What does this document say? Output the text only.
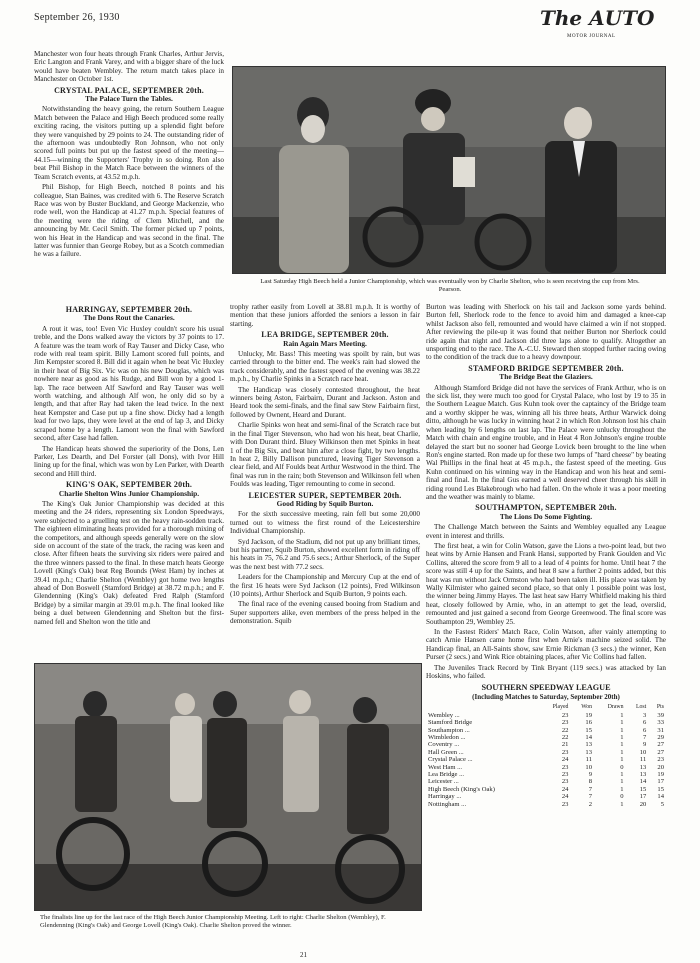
September 26, 1930	The AUTO
MOTOR JOURNAL

Manchester won four heats through Frank Charles, Arthur Jervis, Eric Langton and Frank Varey, and with a bigger share of the luck would have beaten Wembley. The return match takes place in Manchester on October 1st.

CRYSTAL PALACE, SEPTEMBER 20th.
The Palace Turn the Tables.

Notwithstanding the heavy going, the return Southern League Match between the Palace and High Beech produced some really exciting racing, the visitors putting up a splendid fight before they were vanquished by 29 points to 24. The outstanding rider of the afternoon was undoubtedly Ron Johnson, who not only scored full points but put up the fastest speed of the meeting—44.15—winning the Supporters' Trophy in so doing. Ron also beat Phil Bishop in the Match Race between the winners of the Team Scratch events, at 43.52 m.p.h.

Phil Bishop, for High Beech, notched 8 points and his colleague, Stan Baines, was credited with 6. The Reserve Scratch Race was won by Buster Buckland, and George Mackenzie, who rode well, won the Handicap at 41.27 m.p.h. Special features of the meeting were the riding of Clem Mitchell, and the announcing by Mr. Cecil Smith. The former picked up 7 points, won his Heat in the Handicap and was second in the final. The latter was funnier than George Robey, but as a Scotch commedian he was a failure.

Last Saturday High Beech held a Junior Championship, which was eventually won by Charlie Shelton, who is seen receiving the cup from Mrs. Pearson.
HARRINGAY, SEPTEMBER 20th.
The Dons Rout the Canaries.

A rout it was, too! Even Vic Huxley couldn't score his usual treble, and the Dons walked away the victors by 37 points to 17. A feature was the team work of Ray Tauser and Dicky Case, who rode with real team spirit. Billy Lamont scored full points, and Jim Kempster scored 8. Bill did it again when he beat Vic Huxley in their heat of Big Six. Vic was on his new Douglas, which was nowhere near as good as his Rudge, and Bill won by a good 1-lap. The race between Alf Sawford and Ray Tauser was well worth watching, and although Alf won, he only did so by a length, and that after Ray had taken the lead twice. In the next heat Kempster and Case put up a fine show. Dicky had a length lead for two laps, they were level at the end of lap 3, and Dicky scraped home by a length. Lamont won the final with Sawford second, after Case had fallen.

The Handicap heats showed the superiority of the Dons, Len Parker, Les Dearth, and Del Forster (all Dons), with Ivor Hill lining up for the final, which was won by Len Parker, with Dearth second and Hill third.

KING'S OAK, SEPTEMBER 20th.
Charlie Shelton Wins Junior Championship.

The King's Oak Junior Championship was decided at this meeting and the 24 riders, representing six London Speedways, were subjected to a gruelling test on the heavy rain-sodden track. The eighteen eliminating heats provided for a thorough mixing of the competitors, and although speeds generally were on the slow side on account of the state of the track, the racing was keen and close. After fifteen heats the surviving six riders were paired and the three winners passed to the final. In these match heats George Lovell (King's Oak) beat Reg Bounds (West Ham) by inches at 39.41 m.p.h.; Charlie Shelton (Wembley) got home two lengths ahead of Don Boswell (Stamford Bridge) at 38.72 m.p.h.; and F. Glendenning (King's Oak) defeated Fred Ralph (Stamford Bridge) by a similar margin at 39.01 m.p.h. The final looked like being a duel between Glendenning and Shelton but the first-named fell and Shelton won the title and

trophy rather easily from Lovell at 38.81 m.p.h. It is worthy of mention that these juniors afforded the seniors a lesson in fair starting.

LEA BRIDGE, SEPTEMBER 20th.
Rain Again Mars Meeting.

Unlucky, Mr. Bass! This meeting was spoilt by rain, but was carried through to the bitter end. The week's rain had slowed the track considerably, and the fastest speed of the evening was 38.22 m.p.h., by Charlie Spinks in a Scratch race heat.

The Handicap was closely contested throughout, the heat winners being Aston, Fairbairn, Durant and Jackson. Aston and Heard took the semi-finals, and the final saw Stew Fairbairn first, followed by Ownent, Heard and Durant.

Charlie Spinks won heat and semi-final of the Scratch race but in the final Tiger Stevenson, who had won his heat, beat Charlie, with Don Durant third. Bluey Wilkinson then met Spinks in heat 1 of the Big Six, and beat him after a close fight, by two lengths. In heat 2, Billy Dallison punctured, leaving Tiger Stevenson a clear field, and Alf Foulds beat Arthur Westwood in the third. The final was run in the rain; both Stevenson and Wilkinson fell when Foulds was leading, Tiger remounting to come in second.

LEICESTER SUPER, SEPTEMBER 20th.
Good Riding by Squib Burton.

For the sixth successive meeting, rain fell but some 20,000 turned out to witness the first round of the Leicestershire Individual Championship.

Syd Jackson, of the Stadium, did not put up any brilliant times, but his partner, Squib Burton, showed excellent form in riding off his heats in 75, 76.2 and 75.6 secs.; Arthur Sherlock, of the Super was the next best with 77.2 secs.

Leaders for the Championship and Mercury Cup at the end of the first 16 heats were Syd Jackson (12 points), Fred Wilkinson (10 points), Arthur Sherlock and Squib Burton, 9 points each.

The final race of the evening caused booing from Stadium and Super supporters alike, even members of the press helped in the demonstration. Squib

Burton was leading with Sherlock on his tail and Jackson some yards behind. Burton fell, Sherlock rode to the fence to avoid him and damaged a knee-cap whilst Jackson also fell, remounted and would have claimed a win if not stopped. After reviewing the pile-up it was found that neither Burton nor Sherlock could ride again that night and Jackson did three laps alone to qualify. Altogether an unsporting end to the race. The A.-C.U. Steward then stopped further racing owing to the condition of the track due to a heavy downpour.

STAMFORD BRIDGE SEPTEMBER 20th.
The Bridge Beat the Glaziers.

Although Stamford Bridge did not have the services of Frank Arthur, who is on the sick list, they were much too good for Crystal Palace, who lost by 19 to 35 in the Southern League Match. Gus Kuhn took over the captaincy of the Bridge team and a worthy skipper he was, winning all his three heats, Arthur Warwick doing ditto, although he was lucky in winning heat 2 in which Ron Johnson lost his chain when leading by 6 lengths on last lap. The Palace were unlucky throughout the Match with chain and engine trouble, and in Heat 4 Ron Johnson's engine trouble delayed the start but no sooner had George Lovick been brought to the line when Ron's engine started. Ron made up for these two lumps of "hard cheese" by beating Wal Phillips in the final heat at 45 m.p.h., the fastest speed of the meeting. Gus Kuhn continued on his winning way in the Handicap and won his heat and semi-final and final. In the final Gus earned a well deserved cheer through his skill in riding round Les Blakebrough who had fallen. On the whole it was a poor meeting and the weather was mainly to blame.

SOUTHAMPTON, SEPTEMBER 20th.
The Lions Do Some Fighting.

The Challenge Match between the Saints and Wembley equalled any League event in interest and thrills.

The first heat, a win for Colin Watson, gave the Lions a two-point lead, but two heat wins by Arnie Hansen and Frank Hansi, supported by Frank Goulden and Vic Collins, altered the score from 9 all to a lead of 4 points for home. Until heat 7 the score was still 4 up for the Saints, and heat 8 saw a further 2 points added, but this heat was run without Jack Ormston who had been taken ill. His place was taken by Wally Kilmister who gained second place, so that only 1 possible point was lost, the winner being Jimmy Hayes. The last heat saw Harry Whitfield making his third heat, closely followed by Arnie, who, in an attempt to get the lead, overslid, remounted and just gained a second from George Greenwood. The final score was Southampton 29, Wembley 25.

In the Fastest Riders' Match Race, Colin Watson, after vainly attempting to catch Arnie Hansen came home first when Arnie's machine seized solid. The Handicap final, an All-Saints show, saw Ernie Rickman (3 secs.) the winner, Ken Purser (2 secs.) and Wink Rice obtaining places, after Vic Collins had fallen.

The Juveniles Track Record by Tink Bryant (119 secs.) was attacked by Ian Hoskins, who failed.

SOUTHERN SPEEDWAY LEAGUE
(Including Matches to Saturday, September 20th)
	Played	Won	Drawn	Lost	Pts
Wembley ...	23	19	1	3	39
Stamford Bridge	23	16	1	6	33
Southampton ...	22	15	1	6	31
Wimbledon ...	22	14	1	7	29
Coventry ...	21	13	1	9	27
Hall Green ...	23	13	1	10	27
Crystal Palace ...	24	11	1	11	23
West Ham ...	23	10	0	13	20
Lea Bridge ...	23	9	1	13	19
Leicester ...	23	8	1	14	17
High Beech (King's Oak)	24	7	1	15	15
Harringay ...	24	7	0	17	14
Nottingham ...	23	2	1	20	5
The finalists line up for the last race of the High Beech Junior Championship Meeting. Left to right: Charlie Shelton (Wembley), F. Glendenning (King's Oak) and George Lovell (King's Oak). Charlie Shelton proved the winner.
21
